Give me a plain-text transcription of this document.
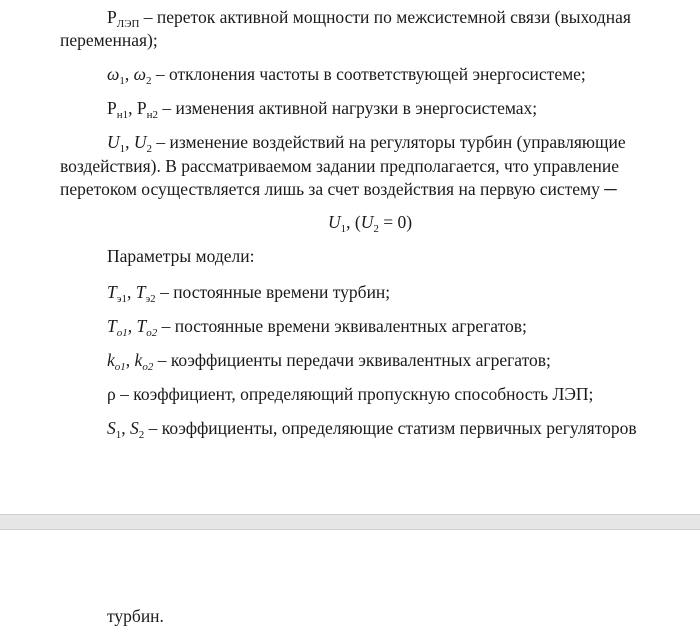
$P_{ЛЭП}$ – переток активной мощности по межсистемной связи (выходная
переменная);
$\omega_1$, $\omega_2$ – отклонения частоты в соответствующей энергосистеме;
$P_{н1}$, $P_{н2}$ – изменения активной нагрузки в энергосистемах;
$U_1$, $U_2$ – изменение воздействий на регуляторы турбин (управляющие
воздействия). В рассматриваемом задании предполагается, что управление
перетоком осуществляется лишь за счет воздействия на первую систему ─
$U_1$, $(U_2 = 0)$
Параметры модели:
$T_{э1}$, $T_{э2}$ – постоянные времени турбин;
$T_{o1}$, $T_{o2}$ – постоянные времени эквивалентных агрегатов;
$k_{o1}$, $k_{o2}$ – коэффициенты передачи эквивалентных агрегатов;
ρ – коэффициент, определяющий пропускную способность ЛЭП;
$S_1$, $S_2$ – коэффициенты, определяющие статизм первичных регуляторов
турбин.
